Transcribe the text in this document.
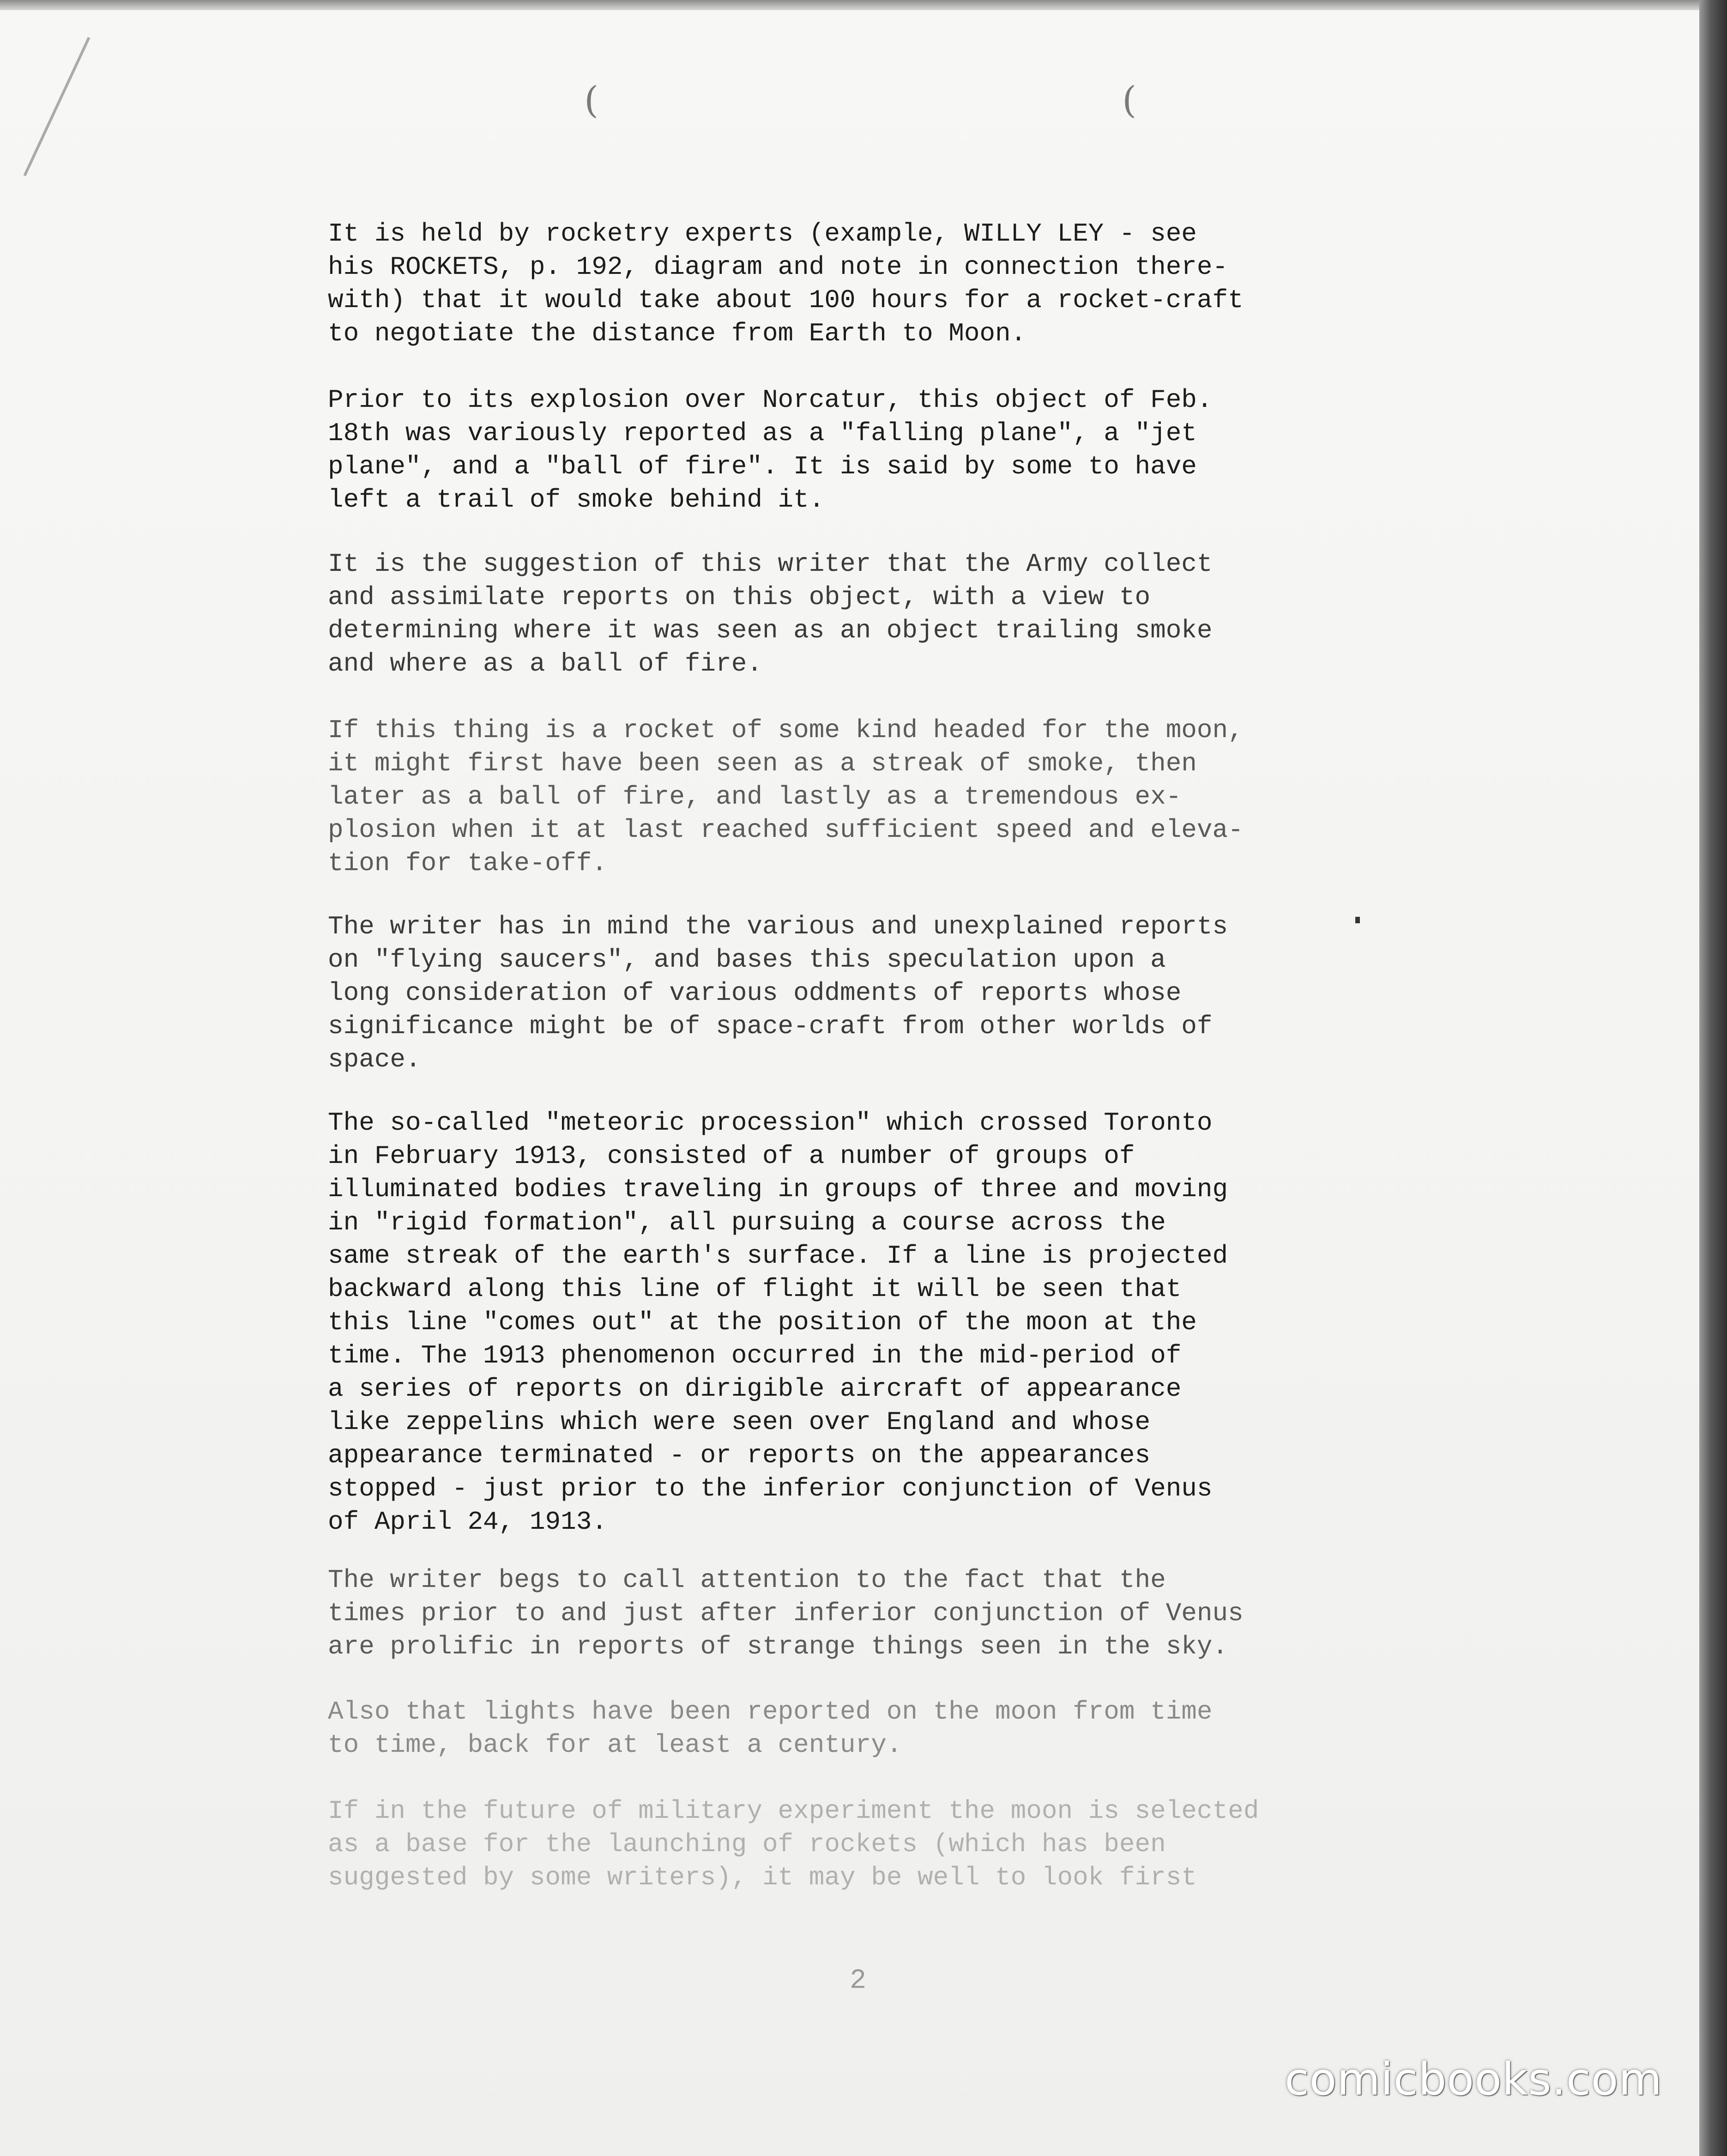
(	(

It is held by rocketry experts (example, WILLY LEY - see
his ROCKETS, p. 192, diagram and note in connection there-
with) that it would take about 100 hours for a rocket-craft
to negotiate the distance from Earth to Moon.

Prior to its explosion over Norcatur, this object of Feb.
18th was variously reported as a "falling plane", a "jet
plane", and a "ball of fire". It is said by some to have
left a trail of smoke behind it.

It is the suggestion of this writer that the Army collect
and assimilate reports on this object, with a view to
determining where it was seen as an object trailing smoke
and where as a ball of fire.

If this thing is a rocket of some kind headed for the moon,
it might first have been seen as a streak of smoke, then
later as a ball of fire, and lastly as a tremendous ex-
plosion when it at last reached sufficient speed and eleva-
tion for take-off.

The writer has in mind the various and unexplained reports
on "flying saucers", and bases this speculation upon a
long consideration of various oddments of reports whose
significance might be of space-craft from other worlds of
space.

The so-called "meteoric procession" which crossed Toronto
in February 1913, consisted of a number of groups of
illuminated bodies traveling in groups of three and moving
in "rigid formation", all pursuing a course across the
same streak of the earth's surface. If a line is projected
backward along this line of flight it will be seen that
this line "comes out" at the position of the moon at the
time. The 1913 phenomenon occurred in the mid-period of
a series of reports on dirigible aircraft of appearance
like zeppelins which were seen over England and whose
appearance terminated - or reports on the appearances
stopped - just prior to the inferior conjunction of Venus
of April 24, 1913.

The writer begs to call attention to the fact that the
times prior to and just after inferior conjunction of Venus
are prolific in reports of strange things seen in the sky.

Also that lights have been reported on the moon from time
to time, back for at least a century.

If in the future of military experiment the moon is selected
as a base for the launching of rockets (which has been
suggested by some writers), it may be well to look first

2
comicbooks.com
